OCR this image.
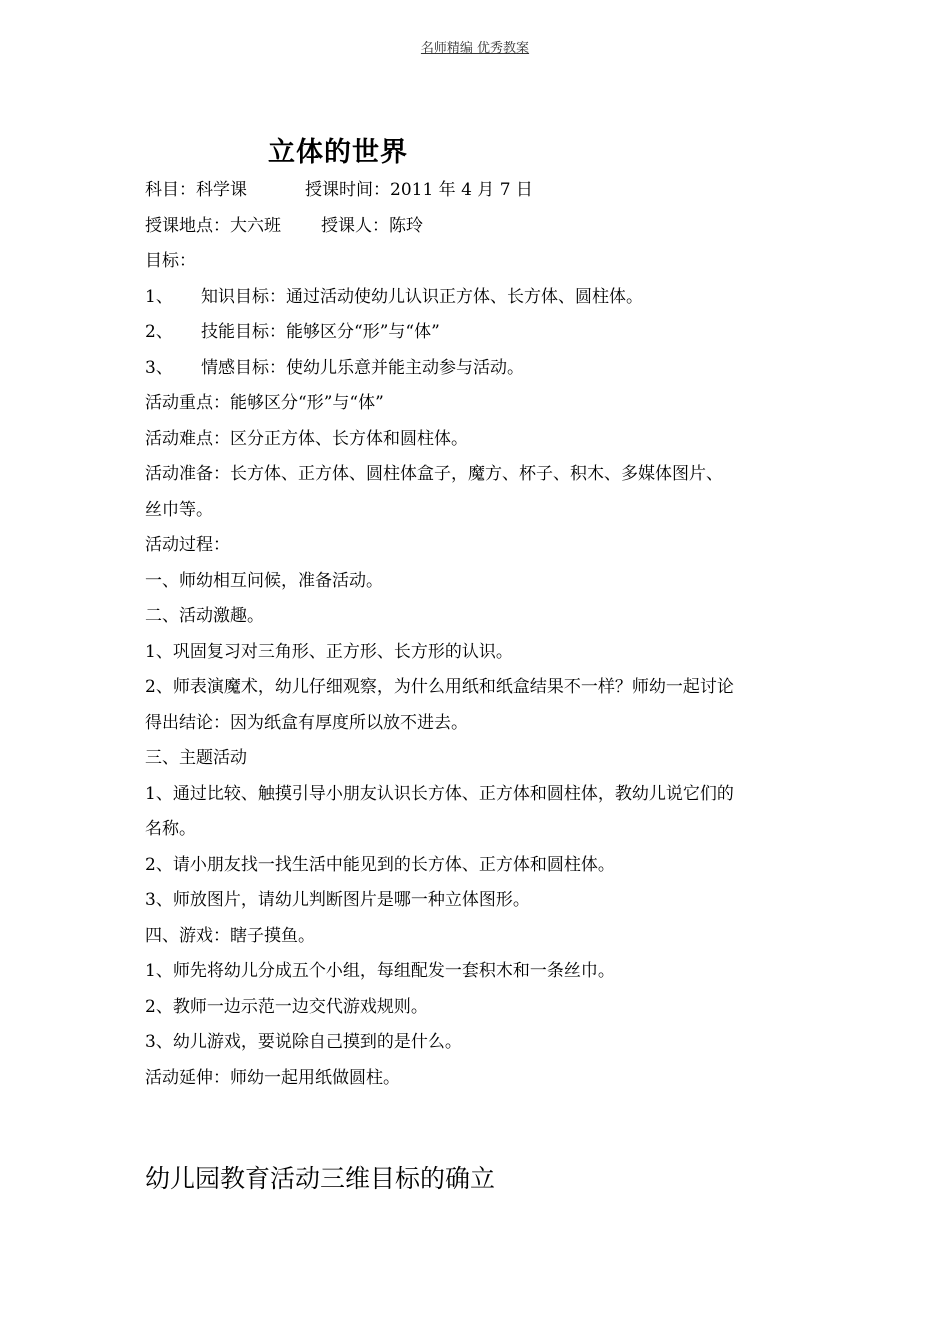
名师精编 优秀教案
立体的世界
科目：科学课	授课时间：2011 年 4 月 7 日
授课地点：大六班 授课人：陈玲
目标：
1、 知识目标：通过活动使幼儿认识正方体、长方体、圆柱体。
2、 技能目标：能够区分“形”与“体”
3、 情感目标：使幼儿乐意并能主动参与活动。
活动重点：能够区分“形”与“体”
活动难点：区分正方体、长方体和圆柱体。
活动准备：长方体、正方体、圆柱体盒子，魔方、杯子、积木、多媒体图片、
丝巾等。
活动过程：
一、师幼相互问候，准备活动。
二、活动激趣。
1、巩固复习对三角形、正方形、长方形的认识。
2、师表演魔术，幼儿仔细观察，为什么用纸和纸盒结果不一样？师幼一起讨论
得出结论：因为纸盒有厚度所以放不进去。
三、主题活动
1、通过比较、触摸引导小朋友认识长方体、正方体和圆柱体，教幼儿说它们的
名称。
2、请小朋友找一找生活中能见到的长方体、正方体和圆柱体。
3、师放图片，请幼儿判断图片是哪一种立体图形。
四、游戏：瞎子摸鱼。
1、师先将幼儿分成五个小组，每组配发一套积木和一条丝巾。
2、教师一边示范一边交代游戏规则。
3、幼儿游戏，要说除自己摸到的是什么。
活动延伸：师幼一起用纸做圆柱。
幼儿园教育活动三维目标的确立
